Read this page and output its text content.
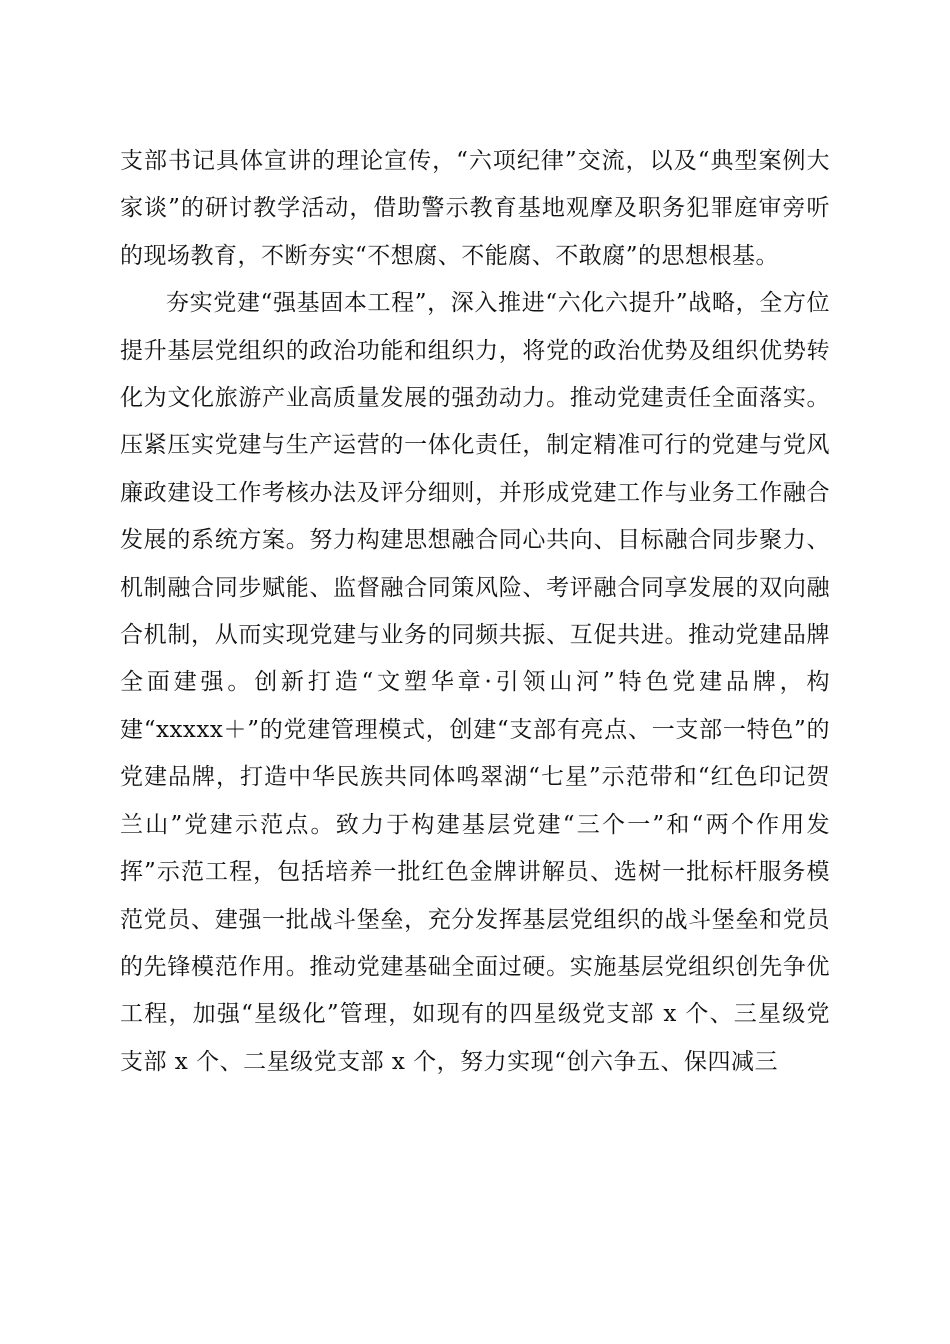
支部书记具体宣讲的理论宣传，“六项纪律”交流，以及“典型案例大家谈”的研讨教学活动，借助警示教育基地观摩及职务犯罪庭审旁听的现场教育，不断夯实“不想腐、不能腐、不敢腐”的思想根基。

夯实党建“强基固本工程”，深入推进“六化六提升”战略，全方位提升基层党组织的政治功能和组织力，将党的政治优势及组织优势转化为文化旅游产业高质量发展的强劲动力。推动党建责任全面落实。压紧压实党建与生产运营的一体化责任，制定精准可行的党建与党风廉政建设工作考核办法及评分细则，并形成党建工作与业务工作融合发展的系统方案。努力构建思想融合同心共向、目标融合同步聚力、机制融合同步赋能、监督融合同策风险、考评融合同享发展的双向融合机制，从而实现党建与业务的同频共振、互促共进。推动党建品牌全面建强。创新打造“文塑华章·引领山河”特色党建品牌，构建“xxxxx＋”的党建管理模式，创建“支部有亮点、一支部一特色”的党建品牌，打造中华民族共同体鸣翠湖“七星”示范带和“红色印记贺兰山”党建示范点。致力于构建基层党建“三个一”和“两个作用发挥”示范工程，包括培养一批红色金牌讲解员、选树一批标杆服务模范党员、建强一批战斗堡垒，充分发挥基层党组织的战斗堡垒和党员的先锋模范作用。推动党建基础全面过硬。实施基层党组织创先争优工程，加强“星级化”管理，如现有的四星级党支部 x 个、三星级党支部 x 个、二星级党支部 x 个，努力实现“创六争五、保四减三
